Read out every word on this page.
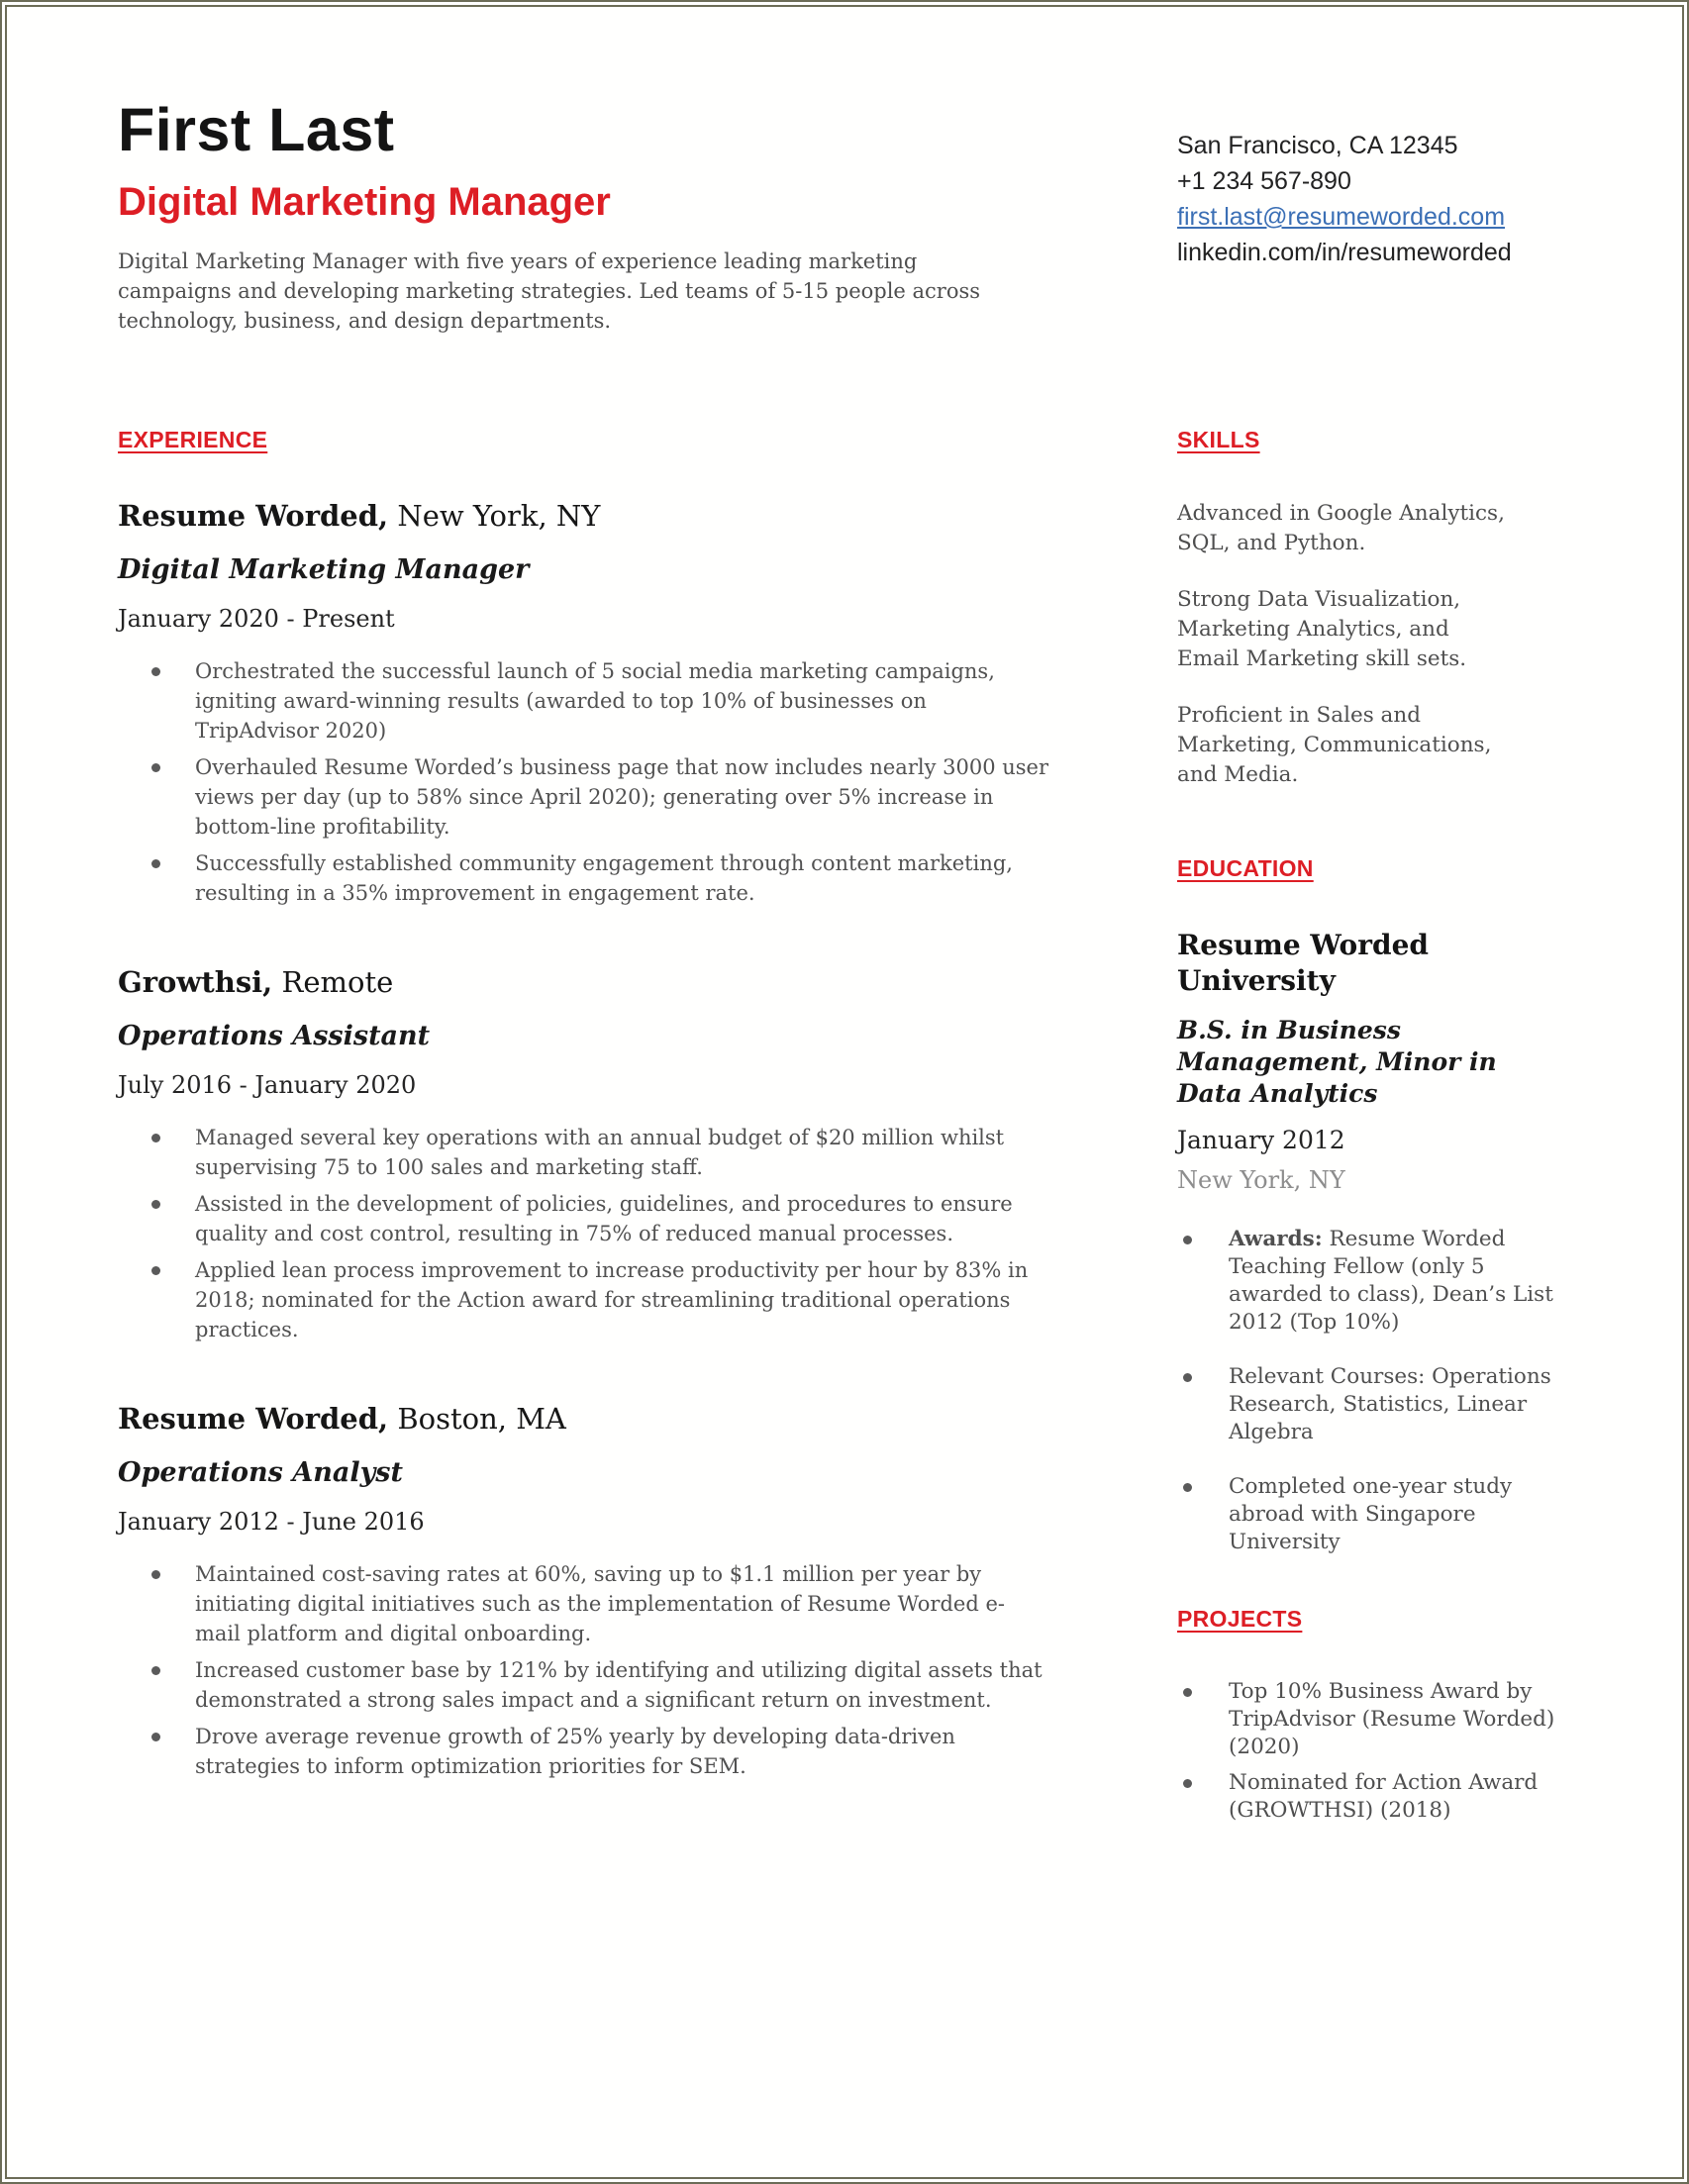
First Last
Digital Marketing Manager

Digital Marketing Manager with five years of experience leading marketing campaigns and developing marketing strategies. Led teams of 5-15 people across technology, business, and design departments.

San Francisco, CA 12345
+1 234 567-890
first.last@resumeworded.com
linkedin.com/in/resumeworded
EXPERIENCE
Resume Worded, New York, NY
Digital Marketing Manager
January 2020 - Present
Orchestrated the successful launch of 5 social media marketing campaigns, igniting award-winning results (awarded to top 10% of businesses on TripAdvisor 2020)
Overhauled Resume Worded’s business page that now includes nearly 3000 user views per day (up to 58% since April 2020); generating over 5% increase in bottom-line profitability.
Successfully established community engagement through content marketing, resulting in a 35% improvement in engagement rate.
Growthsi, Remote
Operations Assistant
July 2016 - January 2020
Managed several key operations with an annual budget of $20 million whilst supervising 75 to 100 sales and marketing staff.
Assisted in the development of policies, guidelines, and procedures to ensure quality and cost control, resulting in 75% of reduced manual processes.
Applied lean process improvement to increase productivity per hour by 83% in 2018; nominated for the Action award for streamlining traditional operations practices.
Resume Worded, Boston, MA
Operations Analyst
January 2012 - June 2016
Maintained cost-saving rates at 60%, saving up to $1.1 million per year by initiating digital initiatives such as the implementation of Resume Worded e-mail platform and digital onboarding.
Increased customer base by 121% by identifying and utilizing digital assets that demonstrated a strong sales impact and a significant return on investment.
Drove average revenue growth of 25% yearly by developing data-driven strategies to inform optimization priorities for SEM.
SKILLS

Advanced in Google Analytics, SQL, and Python.

Strong Data Visualization, Marketing Analytics, and Email Marketing skill sets.

Proficient in Sales and Marketing, Communications, and Media.

EDUCATION
Resume Worded University
B.S. in Business Management, Minor in Data Analytics
January 2012
New York, NY
Awards: Resume Worded Teaching Fellow (only 5 awarded to class), Dean’s List 2012 (Top 10%)
Relevant Courses: Operations Research, Statistics, Linear Algebra
Completed one-year study abroad with Singapore University
PROJECTS
Top 10% Business Award by TripAdvisor (Resume Worded) (2020)
Nominated for Action Award (GROWTHSI) (2018)
